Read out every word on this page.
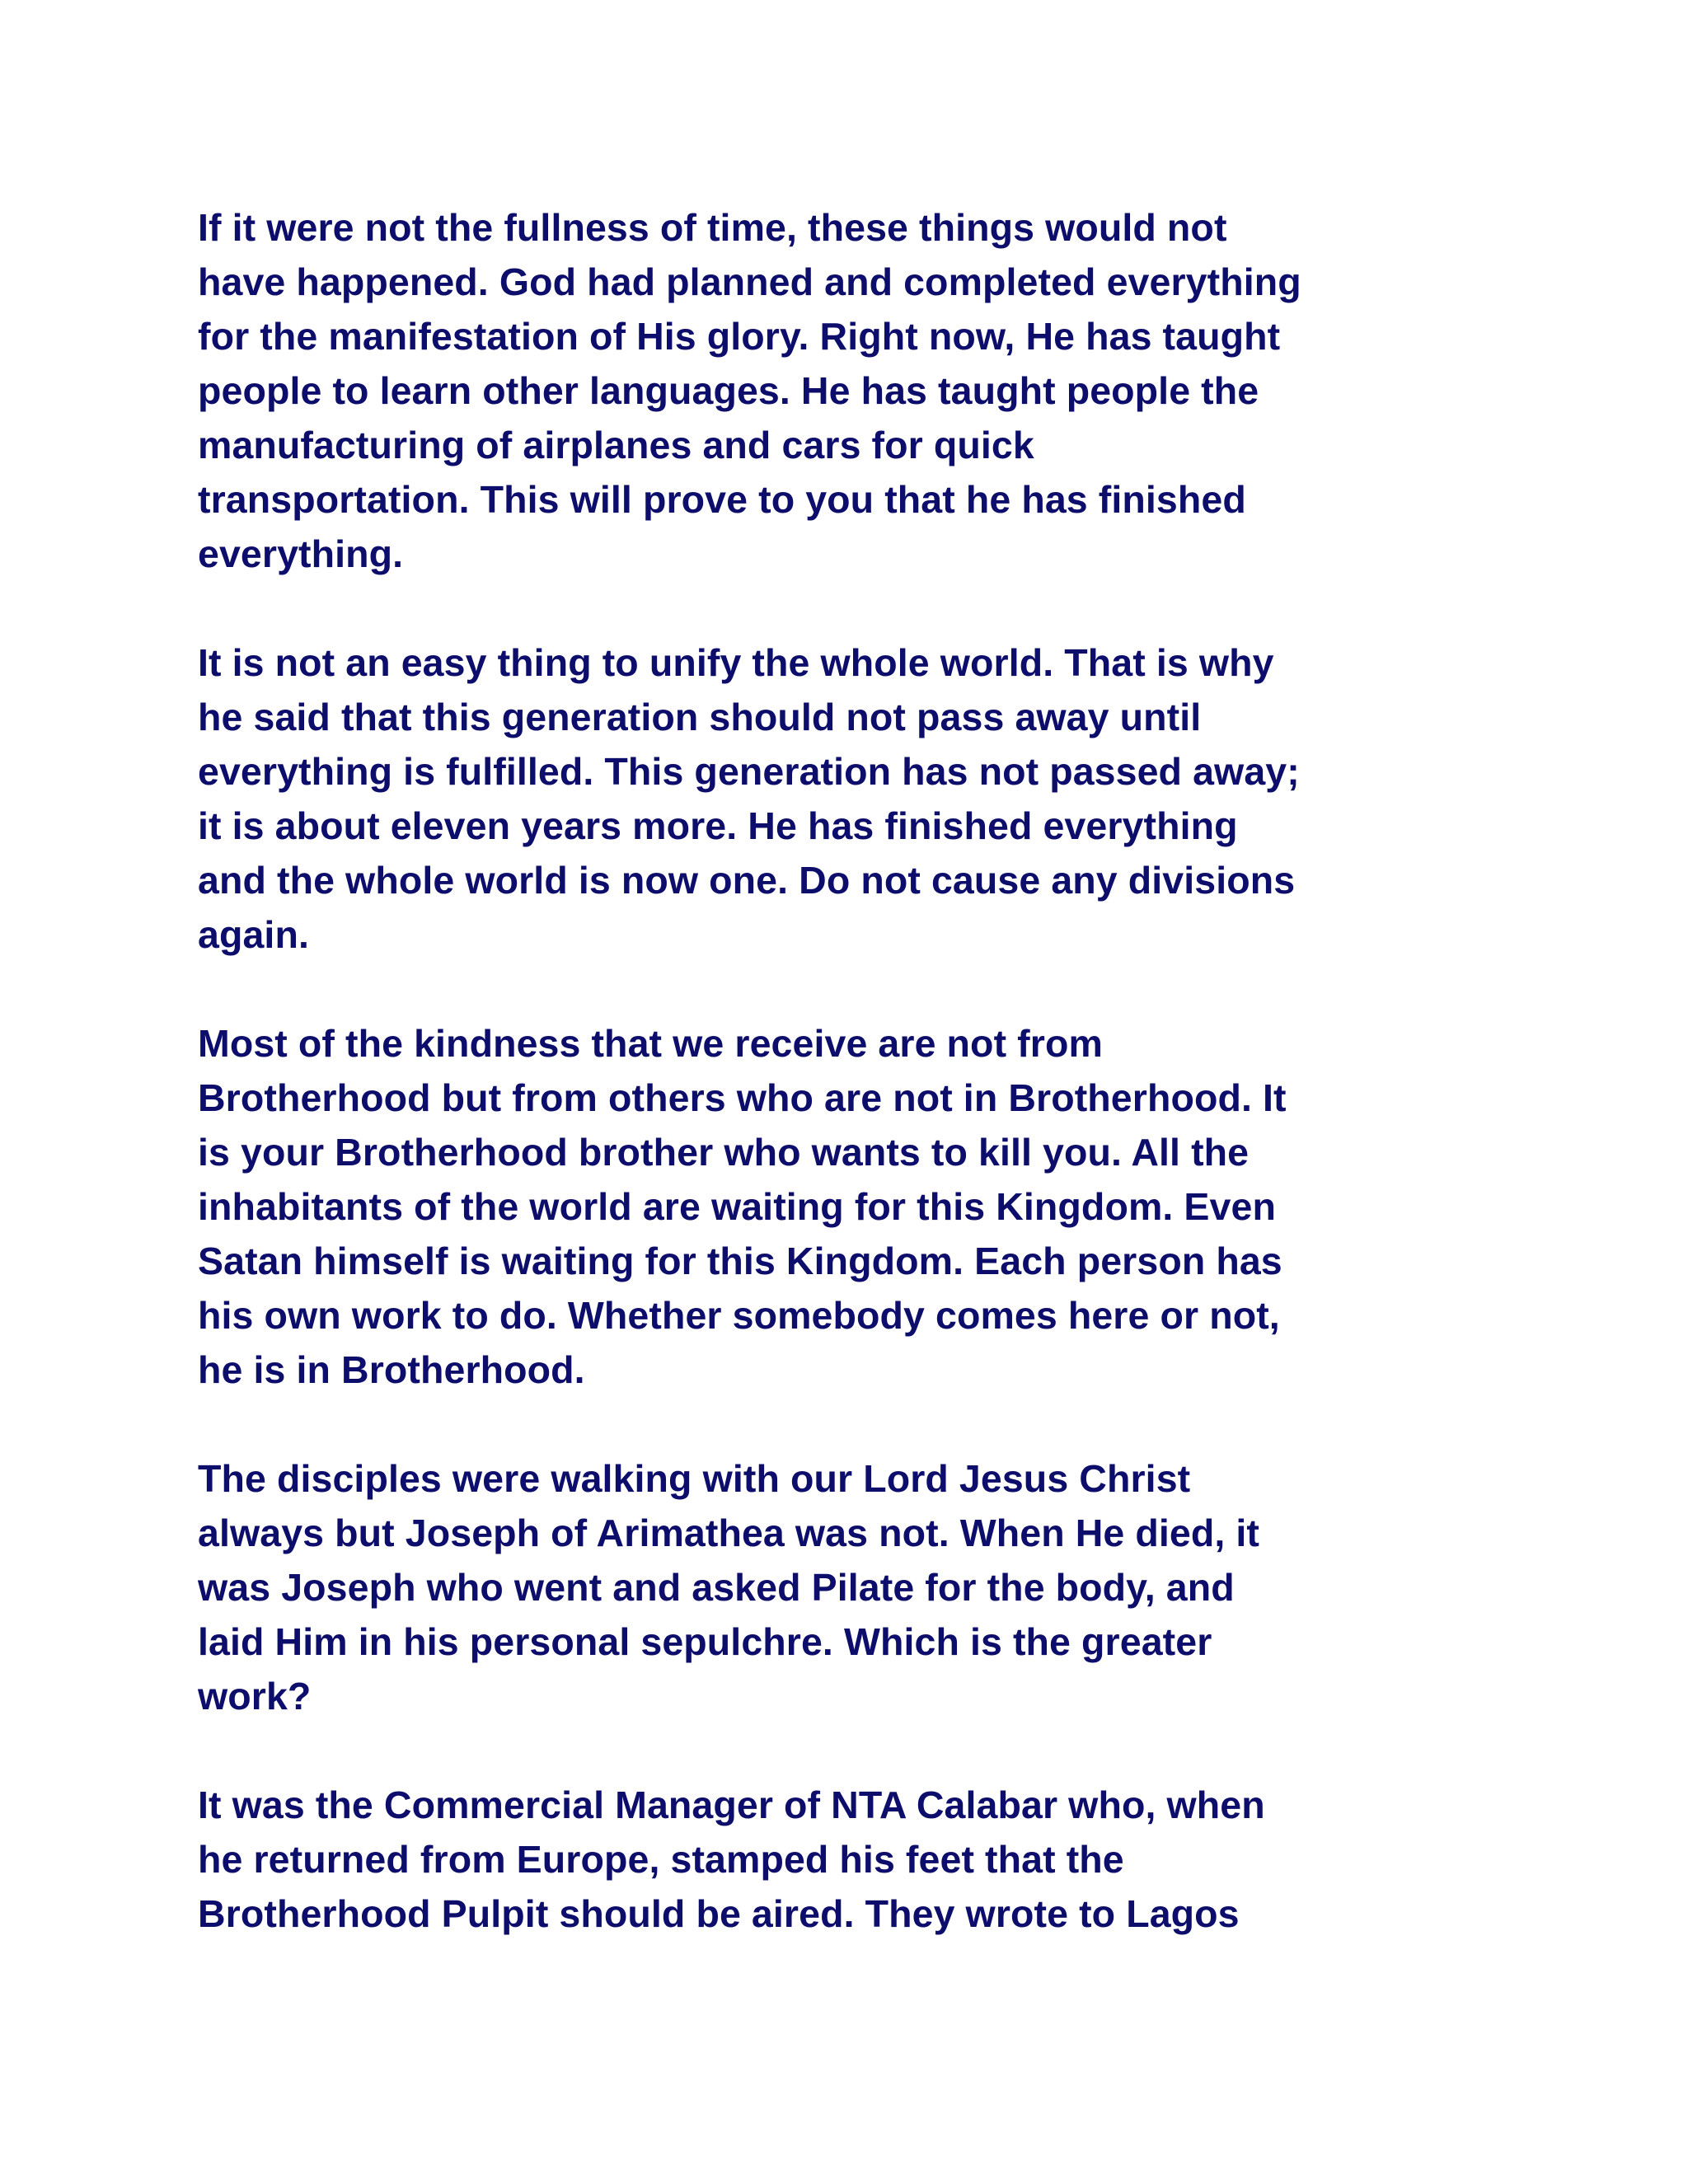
If it were not the fullness of time, these things would not
have happened. God had planned and completed everything
for the manifestation of His glory. Right now, He has taught
people to learn other languages. He has taught people the
manufacturing of airplanes and cars for quick
transportation. This will prove to you that he has finished
everything.
It is not an easy thing to unify the whole world. That is why
he said that this generation should not pass away until
everything is fulfilled. This generation has not passed away;
it is about eleven years more. He has finished everything
and the whole world is now one. Do not cause any divisions
again.
Most of the kindness that we receive are not from
Brotherhood but from others who are not in Brotherhood. It
is your Brotherhood brother who wants to kill you. All the
inhabitants of the world are waiting for this Kingdom. Even
Satan himself is waiting for this Kingdom. Each person has
his own work to do. Whether somebody comes here or not,
he is in Brotherhood.
The disciples were walking with our Lord Jesus Christ
always but Joseph of Arimathea was not. When He died, it
was Joseph who went and asked Pilate for the body, and
laid Him in his personal sepulchre. Which is the greater
work?
It was the Commercial Manager of NTA Calabar who, when
he returned from Europe, stamped his feet that the
Brotherhood Pulpit should be aired. They wrote to Lagos
